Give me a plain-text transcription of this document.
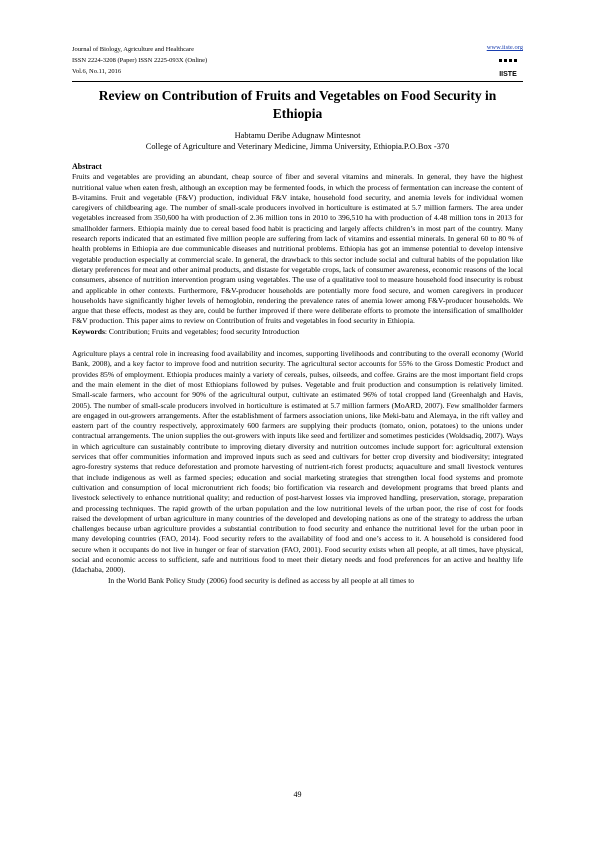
Journal of Biology, Agriculture and Healthcare
ISSN 2224-3208 (Paper) ISSN 2225-093X (Online)
Vol.6, No.11, 2016
www.iiste.org
IISTE
Review on Contribution of Fruits and Vegetables on Food Security in Ethiopia
Habtamu Deribe Adugnaw Mintesnot
College of Agriculture and Veterinary Medicine, Jimma University, Ethiopia.P.O.Box -370

Abstract

Fruits and vegetables are providing an abundant, cheap source of fiber and several vitamins and minerals. In general, they have the highest nutritional value when eaten fresh, although an exception may be fermented foods, in which the process of fermentation can increase the content of B-vitamins. Fruit and vegetable (F&V) production, individual F&V intake, household food security, and anemia levels for individual women caregivers of childbearing age. The number of small-scale producers involved in horticulture is estimated at 5.7 million farmers. The area under vegetables increased from 350,600 ha with production of 2.36 million tons in 2010 to 396,510 ha with production of 4.48 million tons in 2013 for smallholder farmers. Ethiopia mainly due to cereal based food habit is practicing and largely affects children’s in most part of the country. Many research reports indicated that an estimated five million people are suffering from lack of vitamins and essential minerals. In general 60 to 80 % of health problems in Ethiopia are due communicable diseases and nutritional problems. Ethiopia has got an immense potential to develop intensive vegetable production especially at commercial scale. In general, the drawback to this sector include social and cultural habits of the population like dietary preferences for meat and other animal products, and distaste for vegetable crops, lack of consumer awareness, economic reasons of the local consumers, absence of nutrition intervention program using vegetables. The use of a qualitative tool to measure household food insecurity is robust and applicable in other contexts. Furthermore, F&V-producer households are potentially more food secure, and women caregivers in producer households have significantly higher levels of hemoglobin, rendering the prevalence rates of anemia lower among F&V-producer households. We argue that these effects, modest as they are, could be further improved if there were deliberate efforts to promote the intensification of smallholder F&V production. This paper aims to review on Contribution of fruits and vegetables in food security in Ethiopia.

Keywords: Contribution; Fruits and vegetables; food security Introduction

Agriculture plays a central role in increasing food availability and incomes, supporting livelihoods and contributing to the overall economy (World Bank, 2008), and a key factor to improve food and nutrition security. The agricultural sector accounts for 55% to the Gross Domestic Product and provides 85% of employment. Ethiopia produces mainly a variety of cereals, pulses, oilseeds, and coffee. Grains are the most important field crops and the main element in the diet of most Ethiopians followed by pulses. Vegetable and fruit production and consumption is relatively limited. Small-scale farmers, who account for 90% of the agricultural output, cultivate an estimated 96% of total cropped land (Greenhalgh and Havis, 2005). The number of small-scale producers involved in horticulture is estimated at 5.7 million farmers (MoARD, 2007). Few smallholder farmers are engaged in out-growers arrangements. After the establishment of farmers association unions, like Meki-batu and Alemaya, in the rift valley and eastern part of the country respectively, approximately 600 farmers are supplying their products (tomato, onion, potatoes) to the unions under contractual arrangements. The union supplies the out-growers with inputs like seed and fertilizer and sometimes pesticides (Woldsadiq, 2007). Ways in which agriculture can sustainably contribute to improving dietary diversity and nutrition outcomes include support for: agricultural extension services that offer communities information and improved inputs such as seed and cultivars for better crop diversity and biodiversity; integrated agro-forestry systems that reduce deforestation and promote harvesting of nutrient-rich forest products; aquaculture and small livestock ventures that include indigenous as well as farmed species; education and social marketing strategies that strengthen local food systems and promote cultivation and consumption of local micronutrient rich foods; bio fortification via research and development programs that breed plants and livestock selectively to enhance nutritional quality; and reduction of post-harvest losses via improved handling, preservation, storage, preparation and processing techniques. The rapid growth of the urban population and the low nutritional levels of the urban poor, the rise of cost for foods raised the development of urban agriculture in many countries of the developed and developing nations as one of the strategy to address the urban challenges because urban agriculture provides a substantial contribution to food security and enhance the nutritional level for the urban poor in many developing countries (FAO, 2014). Food security refers to the availability of food and one’s access to it. A household is considered food secure when it occupants do not live in hunger or fear of starvation (FAO, 2001). Food security exists when all people, at all times, have physical, social and economic access to sufficient, safe and nutritious food to meet their dietary needs and food preferences for an active and healthy life (Idachaba, 2000).

In the World Bank Policy Study (2006) food security is defined as access by all people at all times to

49
